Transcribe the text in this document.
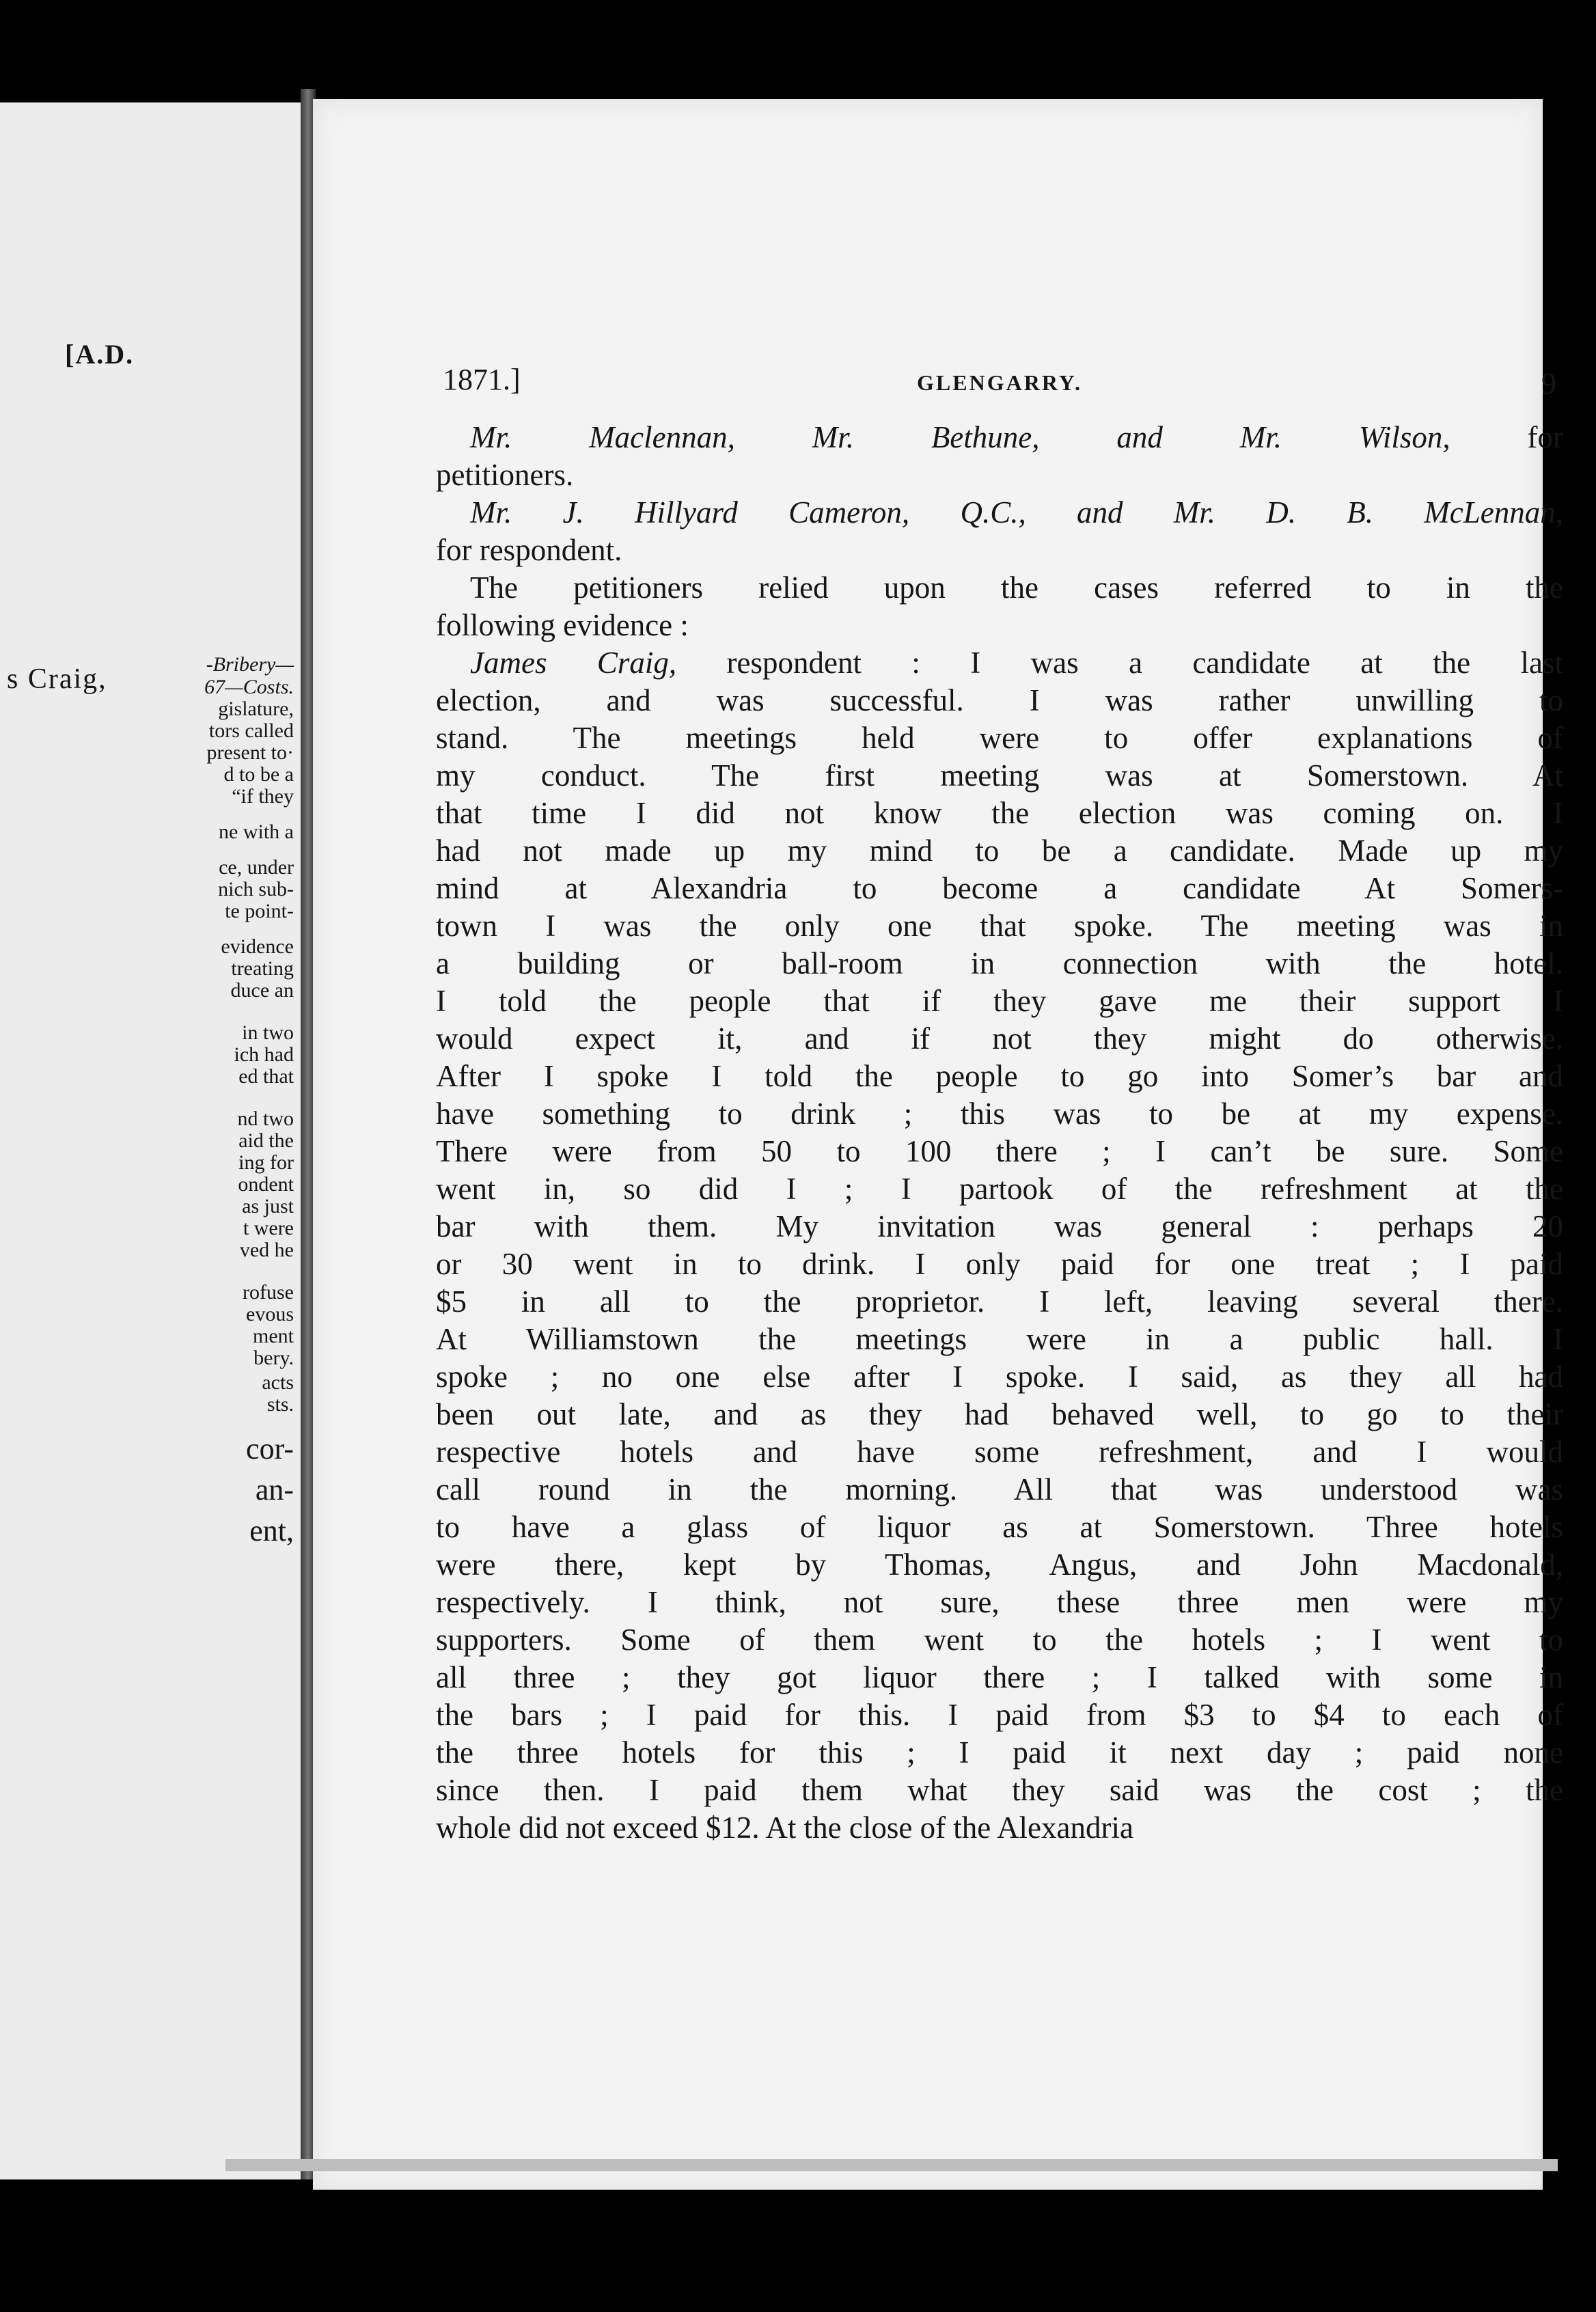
[A.D.
s Craig,	-Bribery—
67—Costs.
gislature,
tors called
present to·
d to be a
“if they
ne with a
ce, under
nich sub-
te point-
evidence
treating
duce an
in two
ich had
ed that
nd two
aid the
ing for
ondent
as just
t were
ved he
rofuse
evous
ment
bery.
acts
sts.
cor-
an-
ent,
1871.]	GLENGARRY.	9
Mr. Maclennan, Mr. Bethune, and Mr. Wilson, for
petitioners.
Mr. J. Hillyard Cameron, Q.C., and Mr. D. B. McLennan,
for respondent.
The petitioners relied upon the cases referred to in the
following evidence :
James Craig, respondent : I was a candidate at the last
election, and was successful. I was rather unwilling to
stand. The meetings held were to offer explanations of
my conduct. The first meeting was at Somerstown. At
that time I did not know the election was coming on. I
had not made up my mind to be a candidate. Made up my
mind at Alexandria to become a candidate At Somers-
town I was the only one that spoke. The meeting was in
a building or ball-room in connection with the hotel.
I told the people that if they gave me their support I
would expect it, and if not they might do otherwise.
After I spoke I told the people to go into Somer’s bar and
have something to drink ; this was to be at my expense.
There were from 50 to 100 there ; I can’t be sure. Some
went in, so did I ; I partook of the refreshment at the
bar with them. My invitation was general : perhaps 20
or 30 went in to drink. I only paid for one treat ; I paid
$5 in all to the proprietor. I left, leaving several there.
At Williamstown the meetings were in a public hall. I
spoke ; no one else after I spoke. I said, as they all had
been out late, and as they had behaved well, to go to their
respective hotels and have some refreshment, and I would
call round in the morning. All that was understood was
to have a glass of liquor as at Somerstown. Three hotels
were there, kept by Thomas, Angus, and John Macdonald,
respectively. I think, not sure, these three men were my
supporters. Some of them went to the hotels ; I went to
all three ; they got liquor there ; I talked with some in
the bars ; I paid for this. I paid from $3 to $4 to each of
the three hotels for this ; I paid it next day ; paid none
since then. I paid them what they said was the cost ; the
whole did not exceed $12. At the close of the Alexandria
